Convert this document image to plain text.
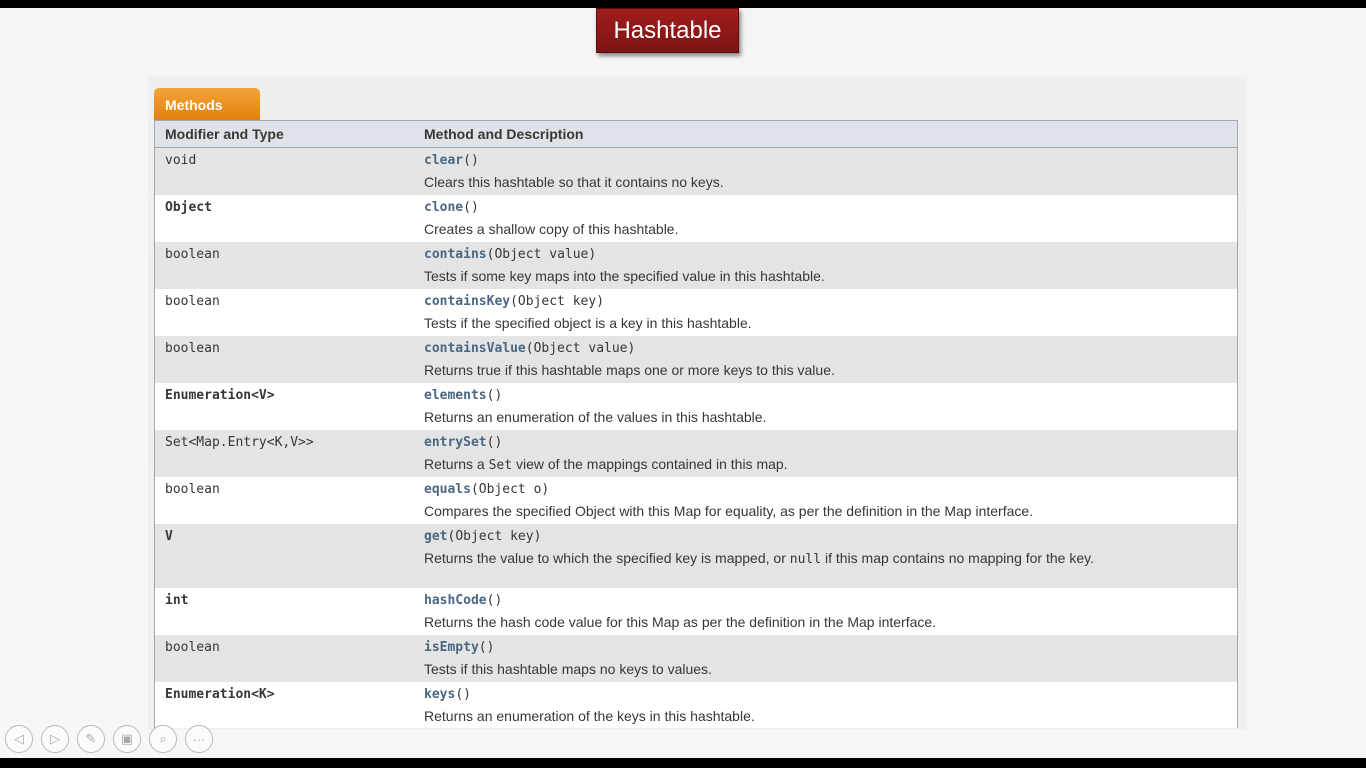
Hashtable
Methods
Modifier and Type	Method and Description
void	clear()
Clears this hashtable so that it contains no keys.
Object	clone()
Creates a shallow copy of this hashtable.
boolean	contains(Object value)
Tests if some key maps into the specified value in this hashtable.
boolean	containsKey(Object key)
Tests if the specified object is a key in this hashtable.
boolean	containsValue(Object value)
Returns true if this hashtable maps one or more keys to this value.
Enumeration<V>	elements()
Returns an enumeration of the values in this hashtable.
Set<Map.Entry<K,V>>	entrySet()
Returns a Set view of the mappings contained in this map.
boolean	equals(Object o)
Compares the specified Object with this Map for equality, as per the definition in the Map interface.
V	get(Object key)
Returns the value to which the specified key is mapped, or null if this map contains no mapping for the key.
int	hashCode()
Returns the hash code value for this Map as per the definition in the Map interface.
boolean	isEmpty()
Tests if this hashtable maps no keys to values.
Enumeration<K>	keys()
Returns an enumeration of the keys in this hashtable.
◁	▷	✎	▣	⌕	···
